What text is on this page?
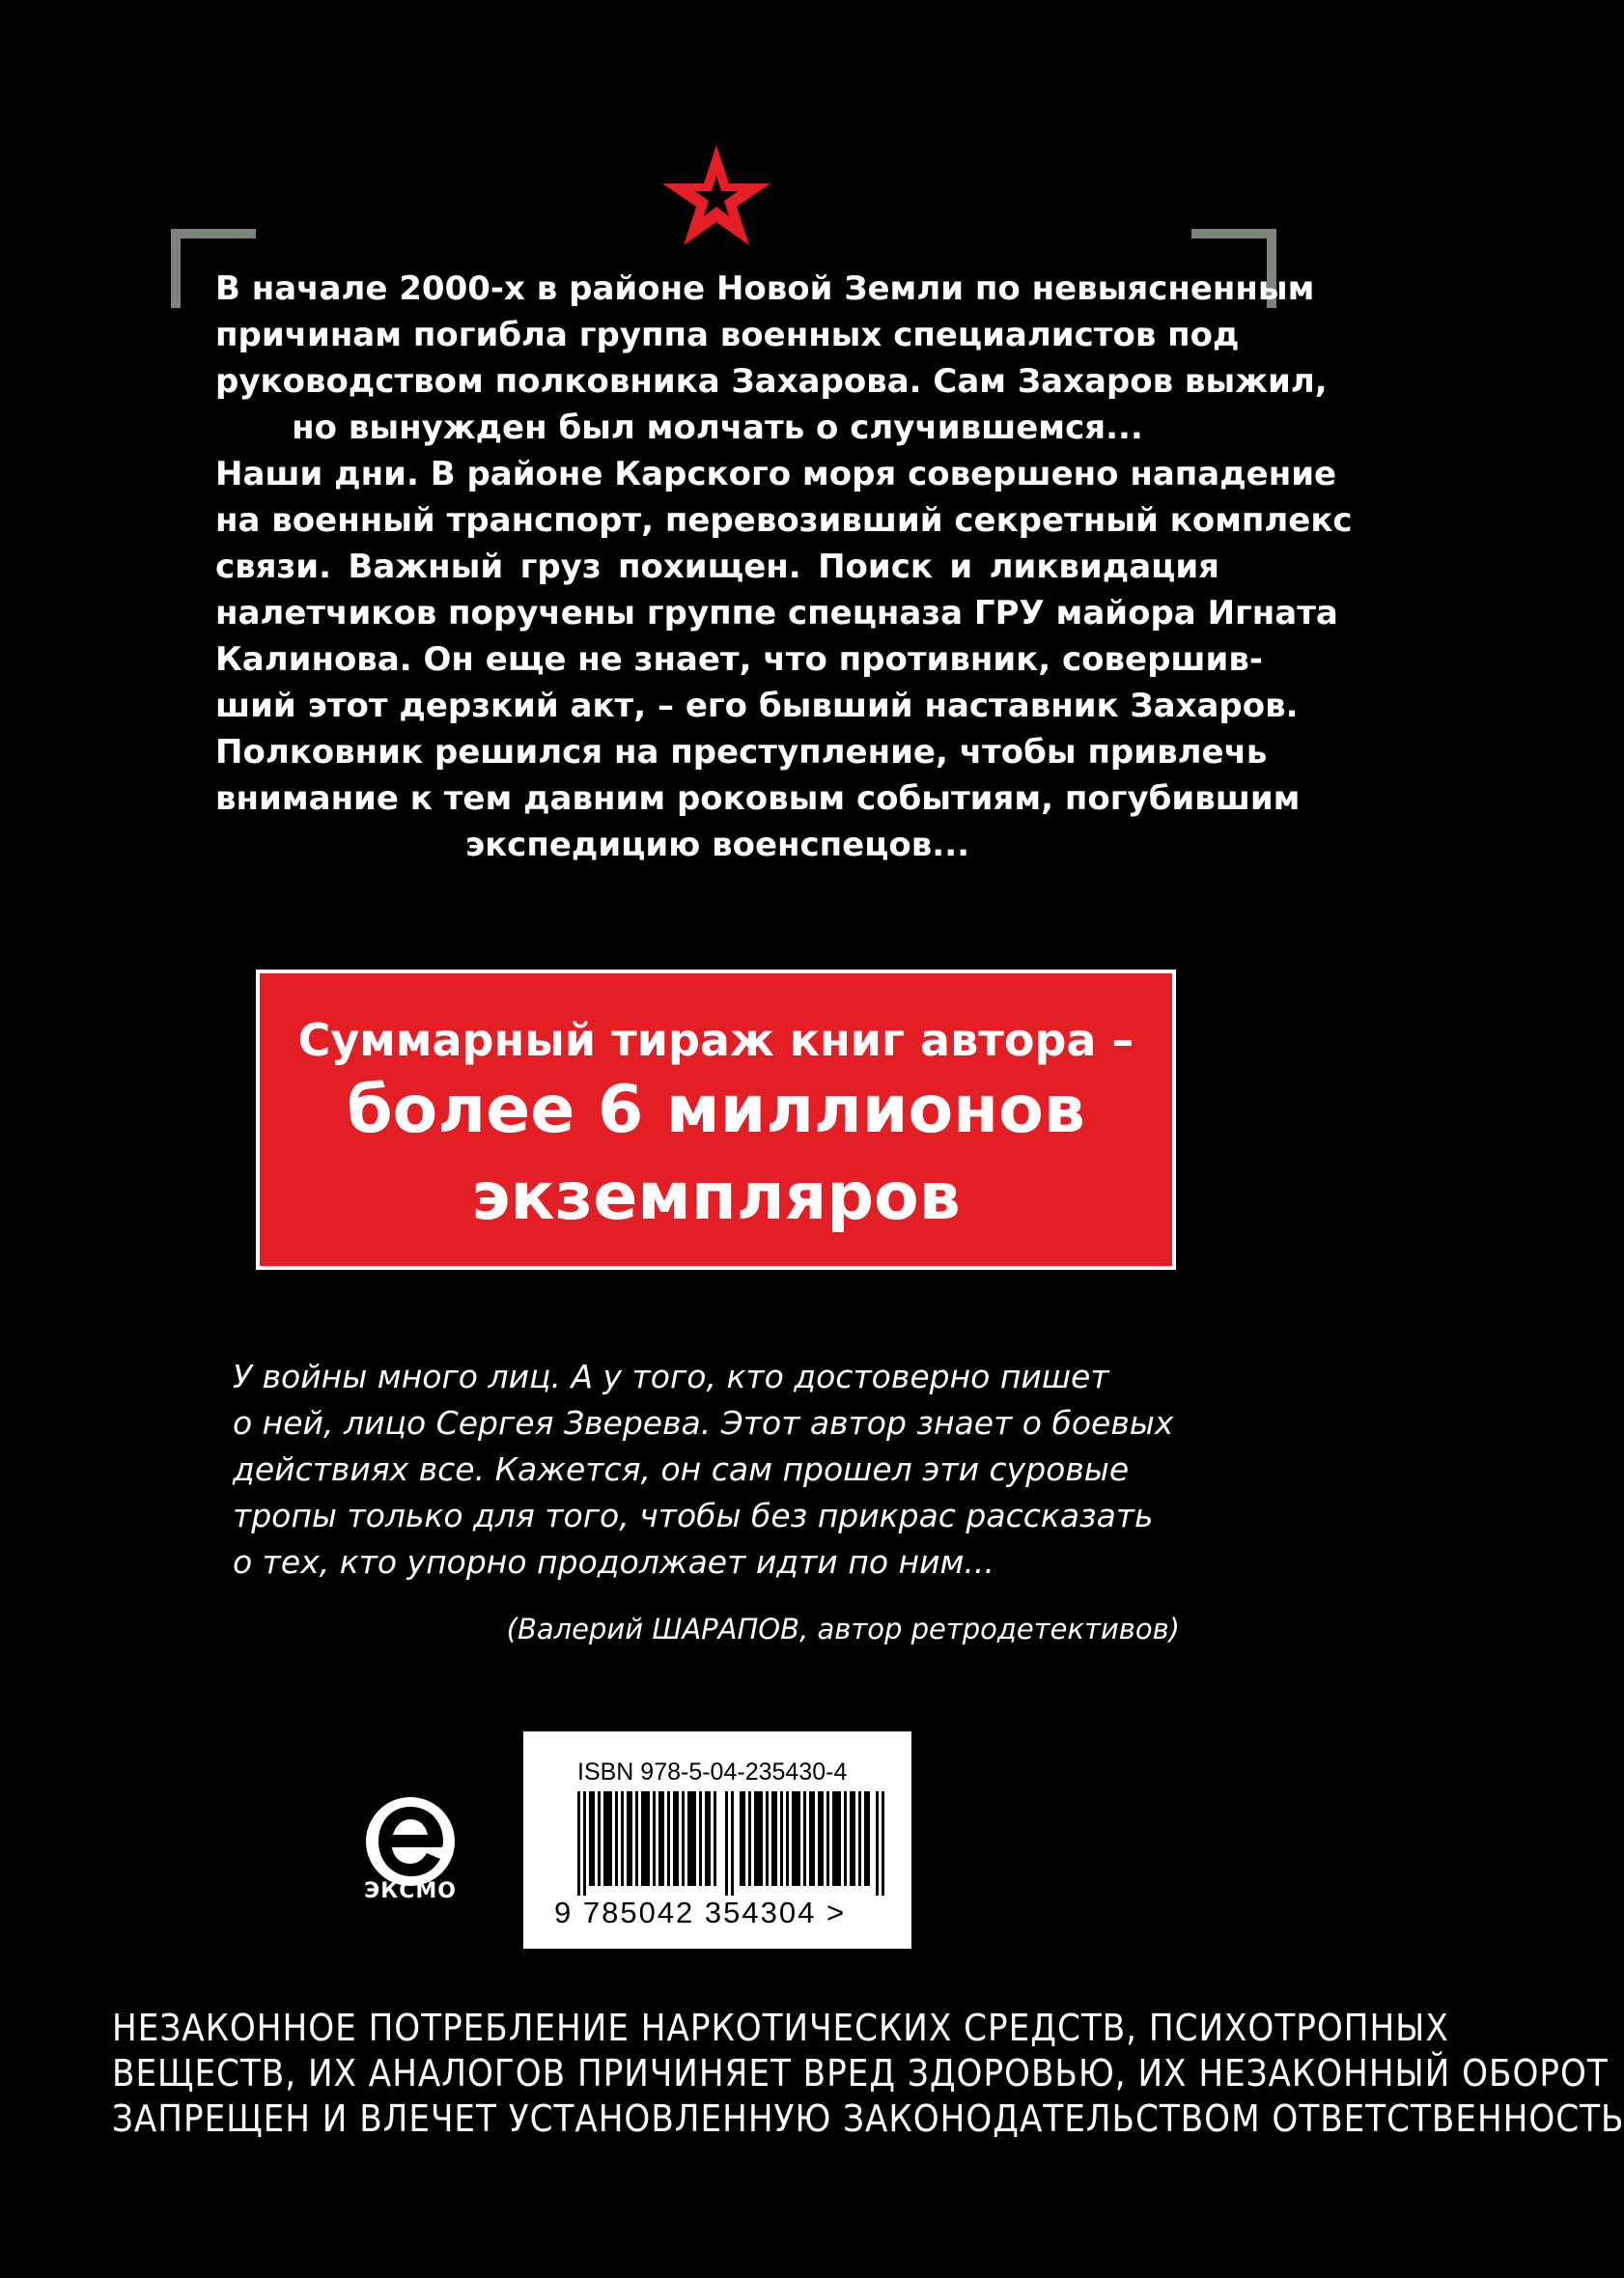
В начале 2000-х в районе Новой Земли по невыясненным
причинам погибла группа военных специалистов под
руководством полковника Захарова. Сам Захаров выжил,
но вынужден был молчать о случившемся...
Наши дни. В районе Карского моря совершено нападение
на военный транспорт, перевозивший секретный комплекс
связи. Важный груз похищен. Поиск и ликвидация
налетчиков поручены группе спецназа ГРУ майора Игната
Калинова. Он еще не знает, что противник, совершив-
ший этот дерзкий акт, – его бывший наставник Захаров.
Полковник решился на преступление, чтобы привлечь
внимание к тем давним роковым событиям, погубившим
экспедицию военспецов...
Суммарный тираж книг автора –
более 6 миллионов
экземпляров
У войны много лиц. А у того, кто достоверно пишет
о ней, лицо Сергея Зверева. Этот автор знает о боевых
действиях все. Кажется, он сам прошел эти суровые
тропы только для того, чтобы без прикрас рассказать
о тех, кто упорно продолжает идти по ним...
(Валерий ШАРАПОВ, автор ретродетективов)
ЭКСМО
ISBN 978-5-04-235430-4
9 785042 354304 >
НЕЗАКОННОЕ ПОТРЕБЛЕНИЕ НАРКОТИЧЕСКИХ СРЕДСТВ, ПСИХОТРОПНЫХ
ВЕЩЕСТВ, ИХ АНАЛОГОВ ПРИЧИНЯЕТ ВРЕД ЗДОРОВЬЮ, ИХ НЕЗАКОННЫЙ ОБОРОТ
ЗАПРЕЩЕН И ВЛЕЧЕТ УСТАНОВЛЕННУЮ ЗАКОНОДАТЕЛЬСТВОМ ОТВЕТСТВЕННОСТЬ
